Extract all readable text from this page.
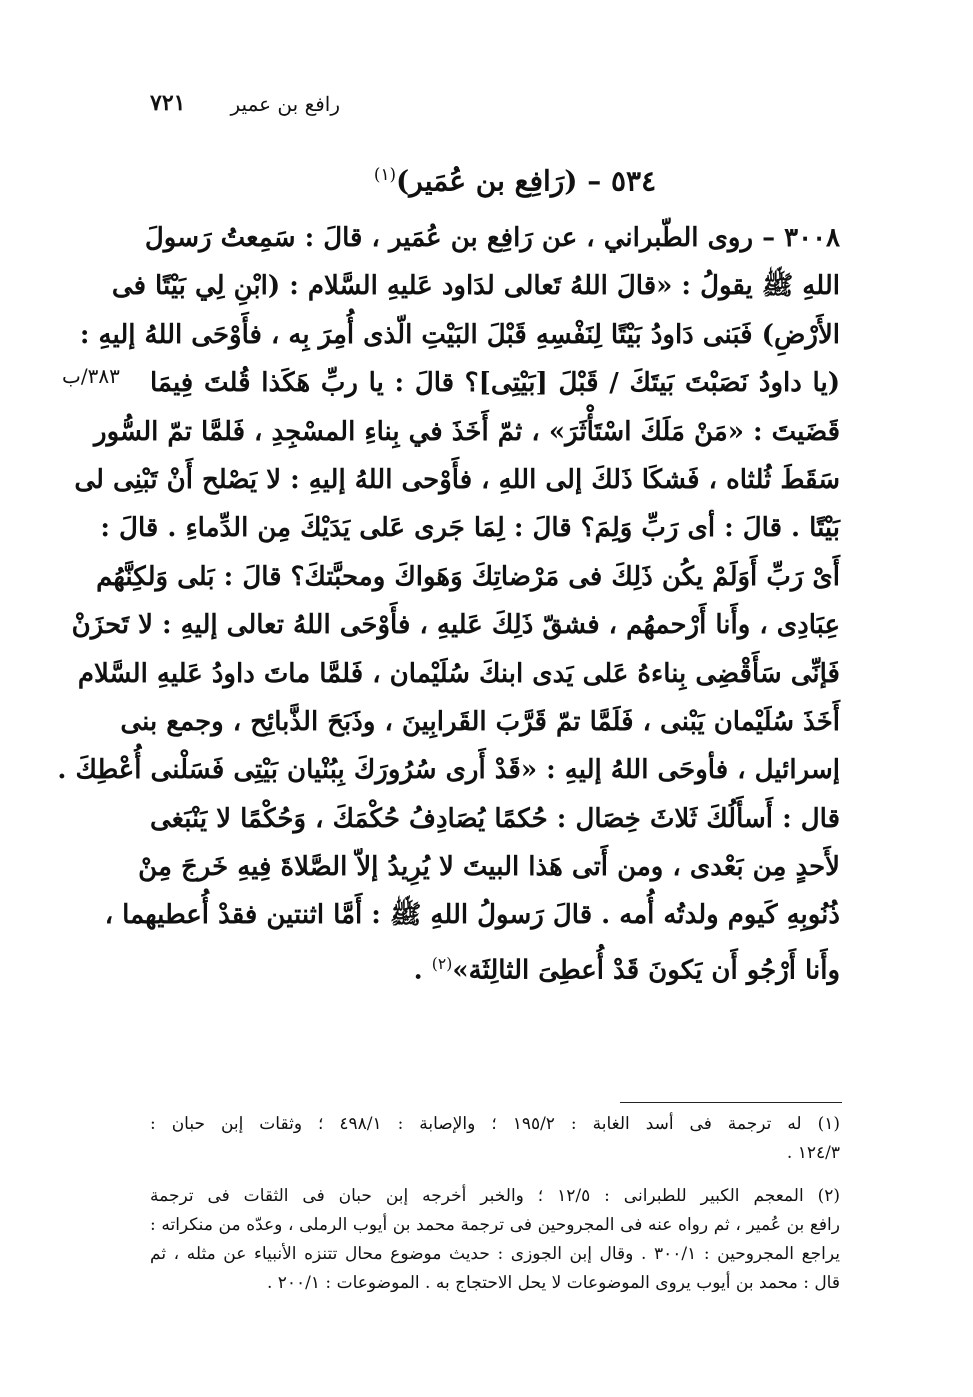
رافع بن عمير
٧٢١
٥٣٤ – (رَافِع بن عُمَير)$^{(١)}$
٣٨٣/ب
٣٠٠٨ – روى الطّبراني ، عن رَافِع بن عُمَير ، قالَ : سَمِعتُ رَسولَ
اللهِ ﷺ يقولُ : «قالَ اللهُ تَعالى لدَاود عَليهِ السَّلام : (ابْنِ لِي بَيْتًا فى
الأَرْضِ) فَبَنى دَاودُ بَيْتًا لِنَفْسِهِ قَبْلَ البَيْتِ الّذى أُمِرَ بِه ، فأَوْحَى اللهُ إليهِ :
(يا داودُ نَصَبْتَ بَيتَكَ / قَبْلَ [بَيْتِى]؟ قالَ : يا ربِّ هَكَذا قُلتَ فِيمَا
قَضَيتَ : «مَنْ مَلَكَ اسْتَأْثَرَ» ، ثمّ أَخَذَ في بِناءِ المسْجِدِ ، فَلمَّا تمّ السُّور
سَقَطَ ثُلثاه ، فَشكَا ذَلكَ إلى اللهِ ، فأَوْحى اللهُ إليهِ : لا يَصْلح أَنْ تَبْنِى لى
بَيْتًا . قالَ : أى رَبِّ وَلِمَ؟ قالَ : لِمَا جَرى عَلى يَدَيْكَ مِن الدِّماءِ . قالَ :
أَىْ رَبِّ أَوَلَمْ يكُن ذَلِكَ فى مَرْضاتِكَ وَهَواكَ ومحبَّتكَ؟ قالَ : بَلى وَلكِنَّهُم
عِبَادِى ، وأَنا أَرْحمهُم ، فشقّ ذَلِكَ عَليهِ ، فأَوْحَى اللهُ تعالى إليهِ : لا تَحزَنْ
فَإنِّى سَأَقْضِى بِناءهُ عَلى يَدى ابنكَ سُلَيْمان ، فَلمَّا ماتَ داودُ عَليهِ السَّلام
أَخَذَ سُلَيْمان يَبْنى ، فَلَمَّا تمّ قَرَّبَ القَرابِينَ ، وذَبَحَ الذَّبائِح ، وجمع بنى
إسرائيل ، فأوحَى اللهُ إليهِ : «قَدْ أَرى سُرُورَكَ بِبُنْيان بَيْتِى فَسَلْنى أُعْطِكَ .
قال : أَسأَلُكَ ثَلاثَ خِصَال : حُكمًا يُصَادِفُ حُكْمَكَ ، وَحُكْمًا لا يَنْبَغى
لأَحدٍ مِن بَعْدى ، ومن أَتى هَذا البيتَ لا يُرِيدُ إلاّ الصَّلاةَ فِيهِ خَرجَ مِنْ
ذُنُوبِهِ كَيوم ولدتُه أُمه . قالَ رَسولُ اللهِ ﷺ : أَمَّا اثنتين فقدْ أُعطيهما ،
وأَنا أَرْجُو أَن يَكونَ قَدْ أُعطِىَ الثالِثَة»$^{(٢)}$ .
(١) له ترجمة فى أسد الغابة : ١٩٥/٢ ؛ والإصابة : ٤٩٨/١ ؛ وثقات إبن حبان :
١٢٤/٣ .
(٢) المعجم الكبير للطبرانى : ١٢/٥ ؛ والخبر أخرجه إبن حبان فى الثقات فى ترجمة
رافع بن عُمير ، ثم رواه عنه فى المجروحين فى ترجمة محمد بن أيوب الرملى ، وعدّه من منكراته :
يراجع المجروحين : ٣٠٠/١ . وقال إبن الجوزى : حديث موضوع محال تتنزه الأنبياء عن مثله ، ثم
قال : محمد بن أيوب يروى الموضوعات لا يحل الاحتجاج به . الموضوعات : ٢٠٠/١ .
